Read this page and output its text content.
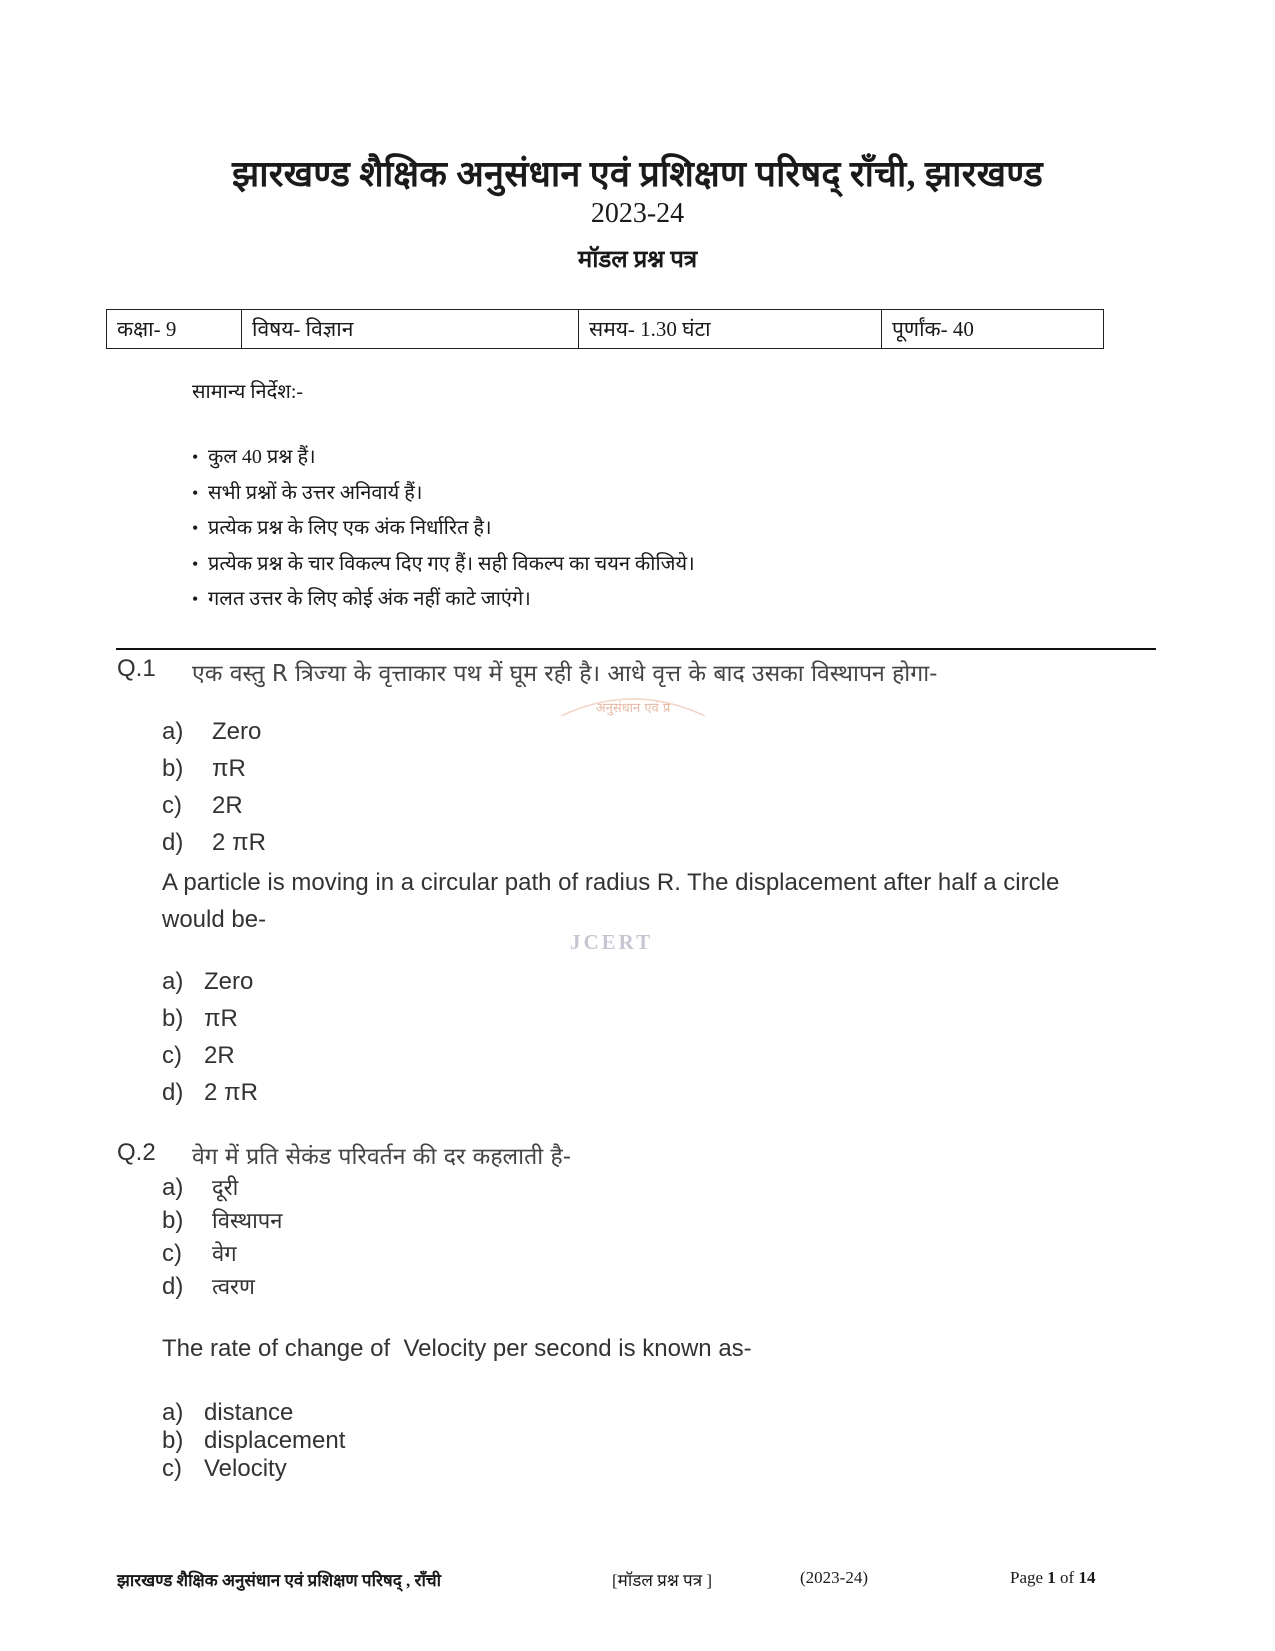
झारखण्ड शैक्षिक अनुसंधान एवं प्रशिक्षण परिषद् राँची, झारखण्ड
2023-24
मॉडल प्रश्न पत्र
कक्षा- 9	विषय- विज्ञान	समय- 1.30 घंटा	पूर्णांक- 40
सामान्य निर्देश:-
• कुल 40 प्रश्न हैं।
• सभी प्रश्नों के उत्तर अनिवार्य हैं।
• प्रत्येक प्रश्न के लिए एक अंक निर्धारित है।
• प्रत्येक प्रश्न के चार विकल्प दिए गए हैं। सही विकल्प का चयन कीजिये।
• गलत उत्तर के लिए कोई अंक नहीं काटे जाएंगे।
Q.1 एक वस्तु R त्रिज्या के वृत्ताकार पथ में घूम रही है। आधे वृत्त के बाद उसका विस्थापन होगा-
अनुसंधान एवं प्र
a) Zero
b) πR
c) 2R
d) 2 πR
A particle is moving in a circular path of radius R. The displacement after half a circle would be-
JCERT
a) Zero
b) πR
c) 2R
d) 2 πR
Q.2 वेग में प्रति सेकंड परिवर्तन की दर कहलाती है-
a) दूरी
b) विस्थापन
c) वेग
d) त्वरण
The rate of change of  Velocity per second is known as-
a) distance
b) displacement
c) Velocity
झारखण्ड शैक्षिक अनुसंधान एवं प्रशिक्षण परिषद् , राँची	[मॉडल प्रश्न पत्र ]	(2023-24)	Page 1 of 14
